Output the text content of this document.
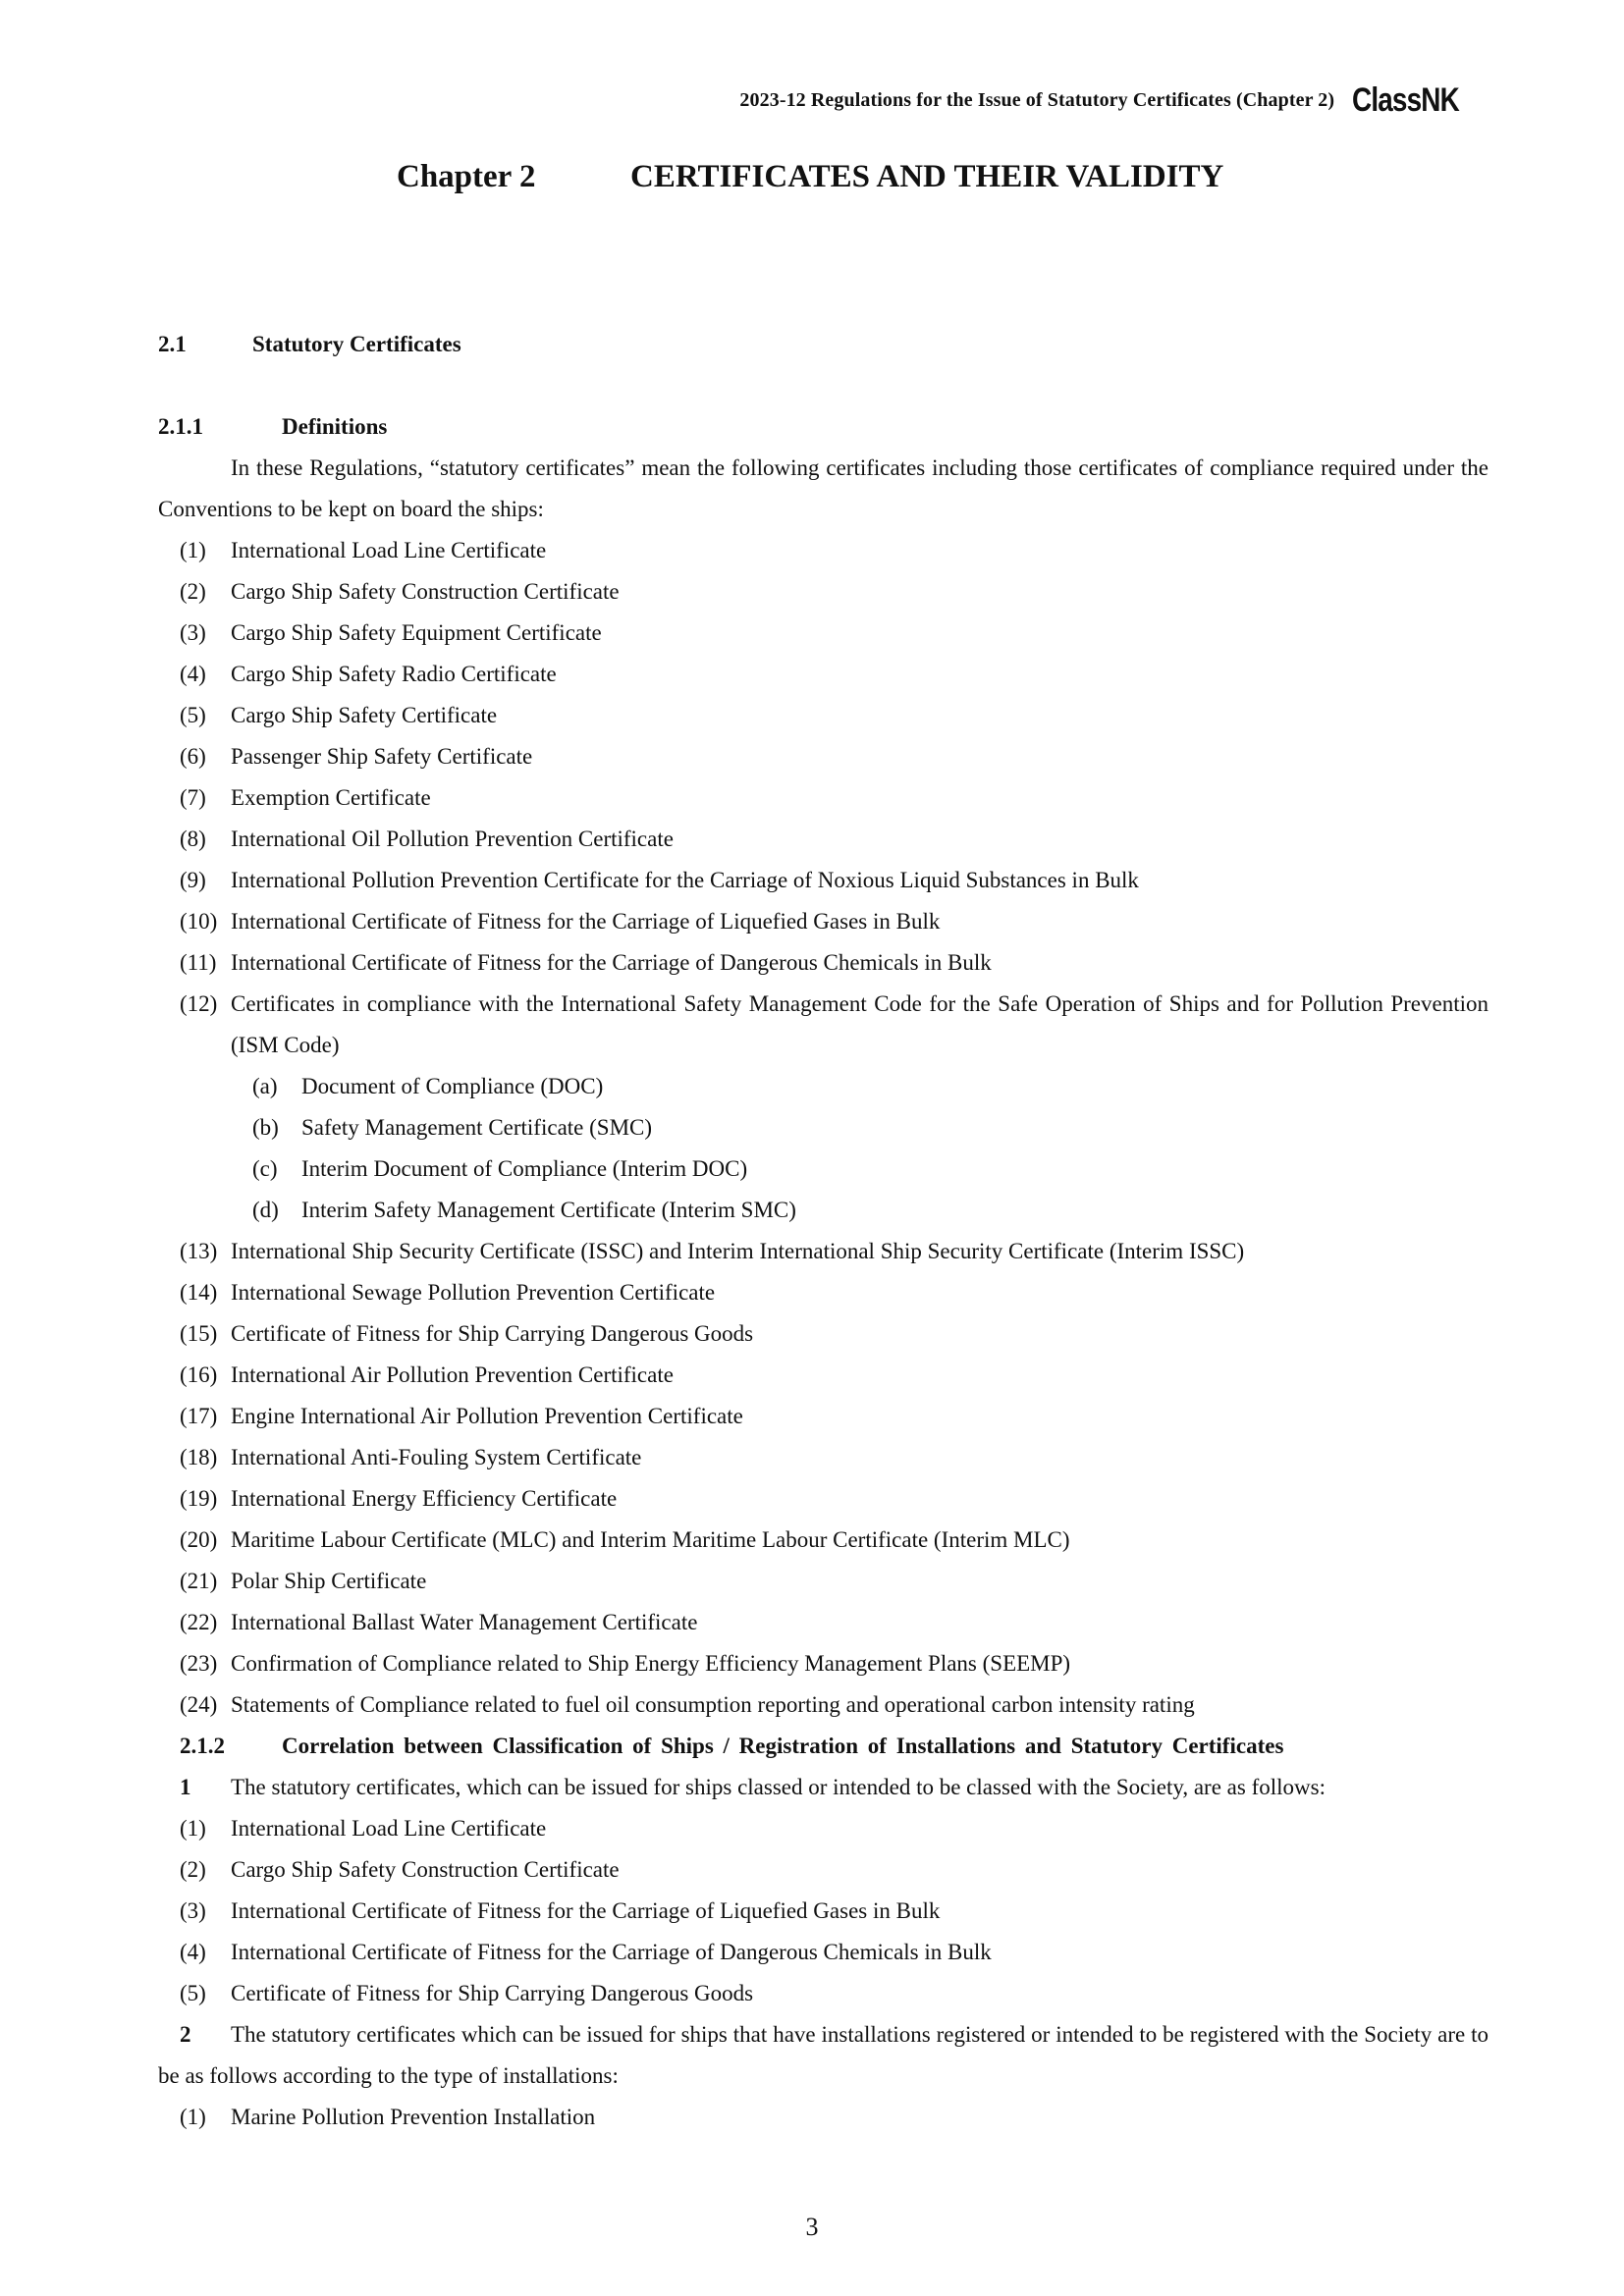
2023-12 Regulations for the Issue of Statutory Certificates (Chapter 2) ClassNK
Chapter 2	CERTIFICATES AND THEIR VALIDITY
2.1	Statutory Certificates
2.1.1	Definitions
In these Regulations, “statutory certificates” mean the following certificates including those certificates of compliance required under the Conventions to be kept on board the ships:
(1)	International Load Line Certificate
(2)	Cargo Ship Safety Construction Certificate
(3)	Cargo Ship Safety Equipment Certificate
(4)	Cargo Ship Safety Radio Certificate
(5)	Cargo Ship Safety Certificate
(6)	Passenger Ship Safety Certificate
(7)	Exemption Certificate
(8)	International Oil Pollution Prevention Certificate
(9)	International Pollution Prevention Certificate for the Carriage of Noxious Liquid Substances in Bulk
(10) International Certificate of Fitness for the Carriage of Liquefied Gases in Bulk
(11) International Certificate of Fitness for the Carriage of Dangerous Chemicals in Bulk
(12) Certificates in compliance with the International Safety Management Code for the Safe Operation of Ships and for Pollution Prevention (ISM Code)
(a)	Document of Compliance (DOC)
(b)	Safety Management Certificate (SMC)
(c)	Interim Document of Compliance (Interim DOC)
(d)	Interim Safety Management Certificate (Interim SMC)
(13) International Ship Security Certificate (ISSC) and Interim International Ship Security Certificate (Interim ISSC)
(14) International Sewage Pollution Prevention Certificate
(15) Certificate of Fitness for Ship Carrying Dangerous Goods
(16) International Air Pollution Prevention Certificate
(17) Engine International Air Pollution Prevention Certificate
(18) International Anti-Fouling System Certificate
(19) International Energy Efficiency Certificate
(20) Maritime Labour Certificate (MLC) and Interim Maritime Labour Certificate (Interim MLC)
(21) Polar Ship Certificate
(22) International Ballast Water Management Certificate
(23) Confirmation of Compliance related to Ship Energy Efficiency Management Plans (SEEMP)
(24) Statements of Compliance related to fuel oil consumption reporting and operational carbon intensity rating
2.1.2	Correlation between Classification of Ships / Registration of Installations and Statutory Certificates
1 The statutory certificates, which can be issued for ships classed or intended to be classed with the Society, are as follows:
(1)	International Load Line Certificate
(2)	Cargo Ship Safety Construction Certificate
(3)	International Certificate of Fitness for the Carriage of Liquefied Gases in Bulk
(4)	International Certificate of Fitness for the Carriage of Dangerous Chemicals in Bulk
(5)	Certificate of Fitness for Ship Carrying Dangerous Goods
2 The statutory certificates which can be issued for ships that have installations registered or intended to be registered with the Society are to be as follows according to the type of installations:
(1)	Marine Pollution Prevention Installation
3
